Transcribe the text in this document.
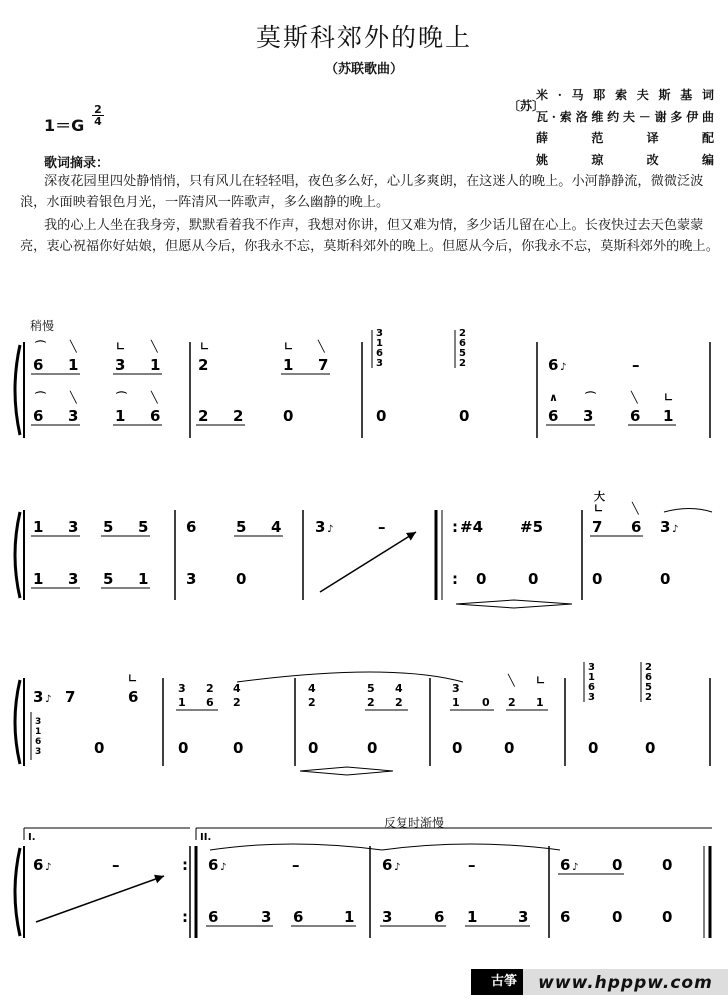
莫斯科郊外的晚上
（苏联歌曲）
1＝G
2
4
〔苏〕
米·马耶索夫斯基词
瓦·索洛维约夫－谢多伊曲
薛范译配
姚琼改编
歌词摘录：

深夜花园里四处静悄悄，只有风儿在轻轻唱，夜色多么好，心儿多爽朗，在这迷人的晚上。小河静静流，微微泛波浪，水面映着银色月光，一阵清风一阵歌声，多么幽静的晚上。

我的心上人坐在我身旁，默默看着我不作声，我想对你讲，但又难为情，多少话儿留在心上。长夜快过去天色蒙蒙亮，衷心祝福你好姑娘，但愿从今后，你我永不忘，莫斯科郊外的晚上。但愿从今后，你我永不忘，莫斯科郊外的晚上。

稍慢
反复时渐慢
6 1 3 1
⌒ ╲	∟ ╲
2	1 7
∟	∟ ╲
3
1
6
3
2
6
5
2	6 ♪	–
6 3 1 6
⌒ ╲	⌒ ╲
2 2	0	0	0	6 3 6 1
∧ ⌒	╲ ∟
大
1 3 5 5	6	5 4 3 ♪	–	: #4 #5	7 6 3 ♪
∟	╲
1 3 5 1	3	0	: 0	0	0	0
3 ♪ 7	6
∟
3 2 4
1 6 2
4	5 4
2	2 2
3
1 0 2 1
╲ ∟
3
1
6
3
2
6
5
2
3
1
6
3	0	0	0	0	0	0	0	0	0
I.	II.
6 ♪	–	: 6 ♪	–	6 ♪	–	6 ♪ 0	0
: 6	3 6	1 3	6 1	3 6	0	0
古筝	www.hpppw.com
